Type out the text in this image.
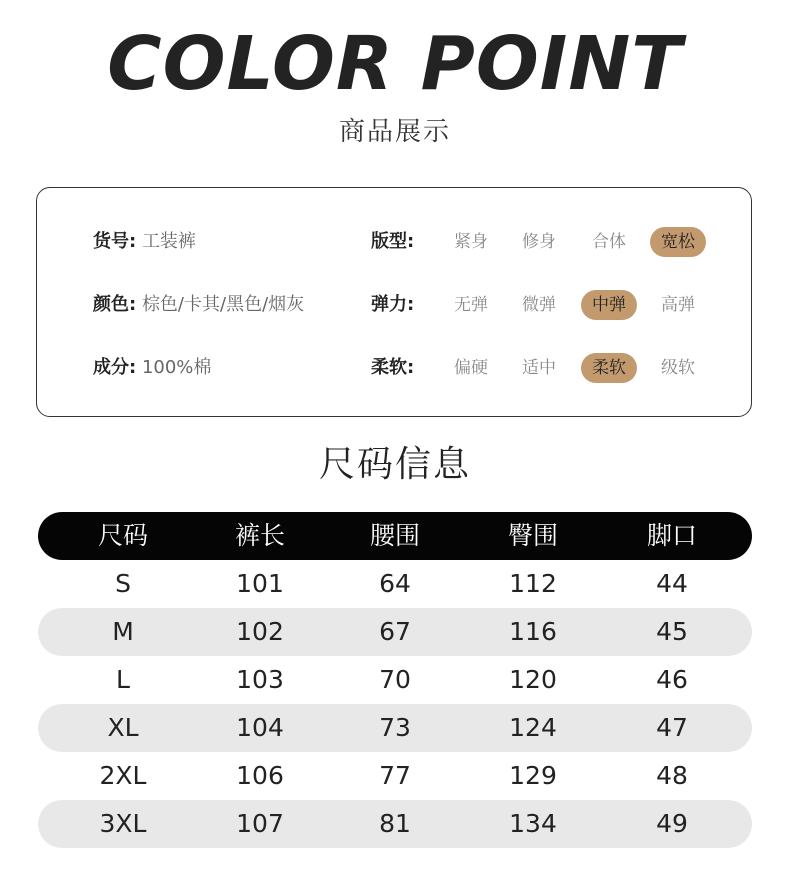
COLOR POINT
商品展示
货号: 工装裤	版型:	紧身	修身	合体	宽松
颜色: 棕色/卡其/黑色/烟灰	弹力:	无弹	微弹	中弹	高弹
成分: 100%棉	柔软:	偏硬	适中	柔软	级软
尺码信息
尺码	裤长	腰围	臀围	脚口
S	101	64	112	44
M	102	67	116	45
L	103	70	120	46
XL	104	73	124	47
2XL	106	77	129	48
3XL	107	81	134	49
